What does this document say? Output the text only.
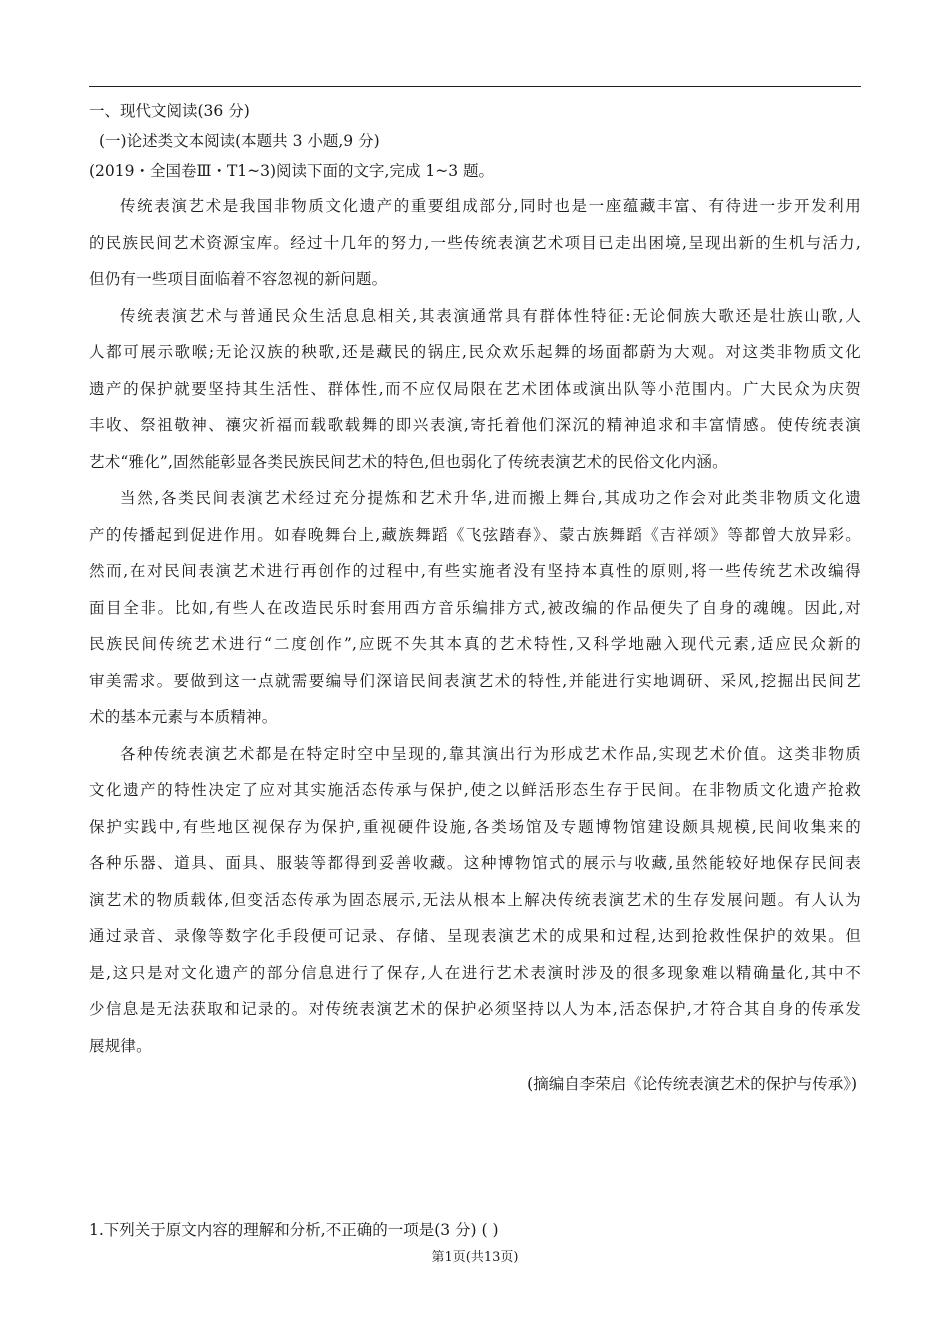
一、现代文阅读(36 分)
(一)论述类文本阅读(本题共 3 小题,9 分)
(2019・全国卷Ⅲ・T1~3)阅读下面的文字,完成 1~3 题。

传统表演艺术是我国非物质文化遗产的重要组成部分,同时也是一座蕴藏丰富、有待进一步开发利用
的民族民间艺术资源宝库。经过十几年的努力,一些传统表演艺术项目已走出困境,呈现出新的生机与活力,
但仍有一些项目面临着不容忽视的新问题。

传统表演艺术与普通民众生活息息相关,其表演通常具有群体性特征:无论侗族大歌还是壮族山歌,人
人都可展示歌喉;无论汉族的秧歌,还是藏民的锅庄,民众欢乐起舞的场面都蔚为大观。对这类非物质文化
遗产的保护就要坚持其生活性、群体性,而不应仅局限在艺术团体或演出队等小范围内。广大民众为庆贺
丰收、祭祖敬神、禳灾祈福而载歌载舞的即兴表演,寄托着他们深沉的精神追求和丰富情感。使传统表演
艺术“雅化”,固然能彰显各类民族民间艺术的特色,但也弱化了传统表演艺术的民俗文化内涵。

当然,各类民间表演艺术经过充分提炼和艺术升华,进而搬上舞台,其成功之作会对此类非物质文化遗
产的传播起到促进作用。如春晚舞台上,藏族舞蹈《飞弦踏春》、蒙古族舞蹈《吉祥颂》等都曾大放异彩。
然而,在对民间表演艺术进行再创作的过程中,有些实施者没有坚持本真性的原则,将一些传统艺术改编得
面目全非。比如,有些人在改造民乐时套用西方音乐编排方式,被改编的作品便失了自身的魂魄。因此,对
民族民间传统艺术进行“二度创作”,应既不失其本真的艺术特性,又科学地融入现代元素,适应民众新的
审美需求。要做到这一点就需要编导们深谙民间表演艺术的特性,并能进行实地调研、采风,挖掘出民间艺
术的基本元素与本质精神。

各种传统表演艺术都是在特定时空中呈现的,靠其演出行为形成艺术作品,实现艺术价值。这类非物质
文化遗产的特性决定了应对其实施活态传承与保护,使之以鲜活形态生存于民间。在非物质文化遗产抢救
保护实践中,有些地区视保存为保护,重视硬件设施,各类场馆及专题博物馆建设颇具规模,民间收集来的
各种乐器、道具、面具、服装等都得到妥善收藏。这种博物馆式的展示与收藏,虽然能较好地保存民间表
演艺术的物质载体,但变活态传承为固态展示,无法从根本上解决传统表演艺术的生存发展问题。有人认为
通过录音、录像等数字化手段便可记录、存储、呈现表演艺术的成果和过程,达到抢救性保护的效果。但
是,这只是对文化遗产的部分信息进行了保存,人在进行艺术表演时涉及的很多现象难以精确量化,其中不
少信息是无法获取和记录的。对传统表演艺术的保护必须坚持以人为本,活态保护,才符合其自身的传承发
展规律。

(摘编自李荣启《论传统表演艺术的保护与传承》)
1.下列关于原文内容的理解和分析,不正确的一项是(3 分) ( )
第1页(共13页)
